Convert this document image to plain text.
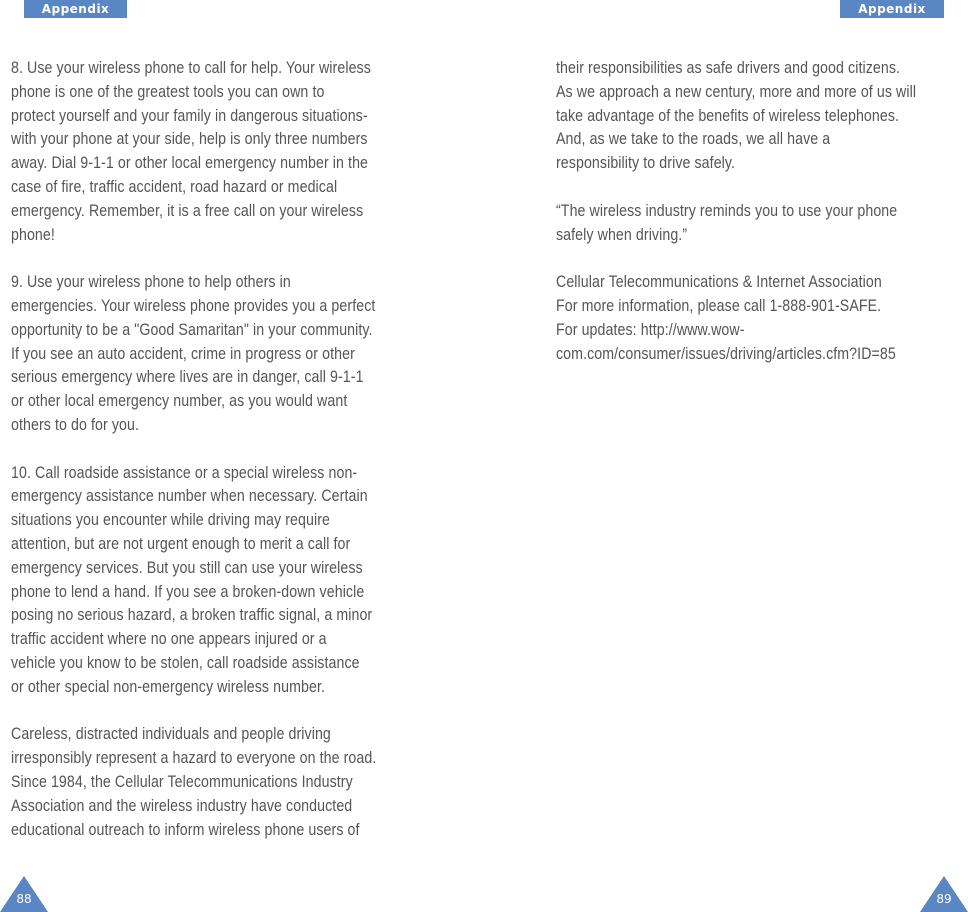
Appendix	Appendix

8. Use your wireless phone to call for help. Your wireless
phone is one of the greatest tools you can own to
protect yourself and your family in dangerous situations-
with your phone at your side, help is only three numbers
away. Dial 9-1-1 or other local emergency number in the
case of fire, traffic accident, road hazard or medical
emergency. Remember, it is a free call on your wireless
phone!

9. Use your wireless phone to help others in
emergencies. Your wireless phone provides you a perfect
opportunity to be a "Good Samaritan" in your community.
If you see an auto accident, crime in progress or other
serious emergency where lives are in danger, call 9-1-1
or other local emergency number, as you would want
others to do for you.

10. Call roadside assistance or a special wireless non-
emergency assistance number when necessary. Certain
situations you encounter while driving may require
attention, but are not urgent enough to merit a call for
emergency services. But you still can use your wireless
phone to lend a hand. If you see a broken-down vehicle
posing no serious hazard, a broken traffic signal, a minor
traffic accident where no one appears injured or a
vehicle you know to be stolen, call roadside assistance
or other special non-emergency wireless number.

Careless, distracted individuals and people driving
irresponsibly represent a hazard to everyone on the road.
Since 1984, the Cellular Telecommunications Industry
Association and the wireless industry have conducted
educational outreach to inform wireless phone users of

their responsibilities as safe drivers and good citizens.
As we approach a new century, more and more of us will
take advantage of the benefits of wireless telephones.
And, as we take to the roads, we all have a
responsibility to drive safely.

“The wireless industry reminds you to use your phone
safely when driving.”

Cellular Telecommunications & Internet Association
For more information, please call 1-888-901-SAFE.
For updates: http://www.wow-
com.com/consumer/issues/driving/articles.cfm?ID=85

88	89
